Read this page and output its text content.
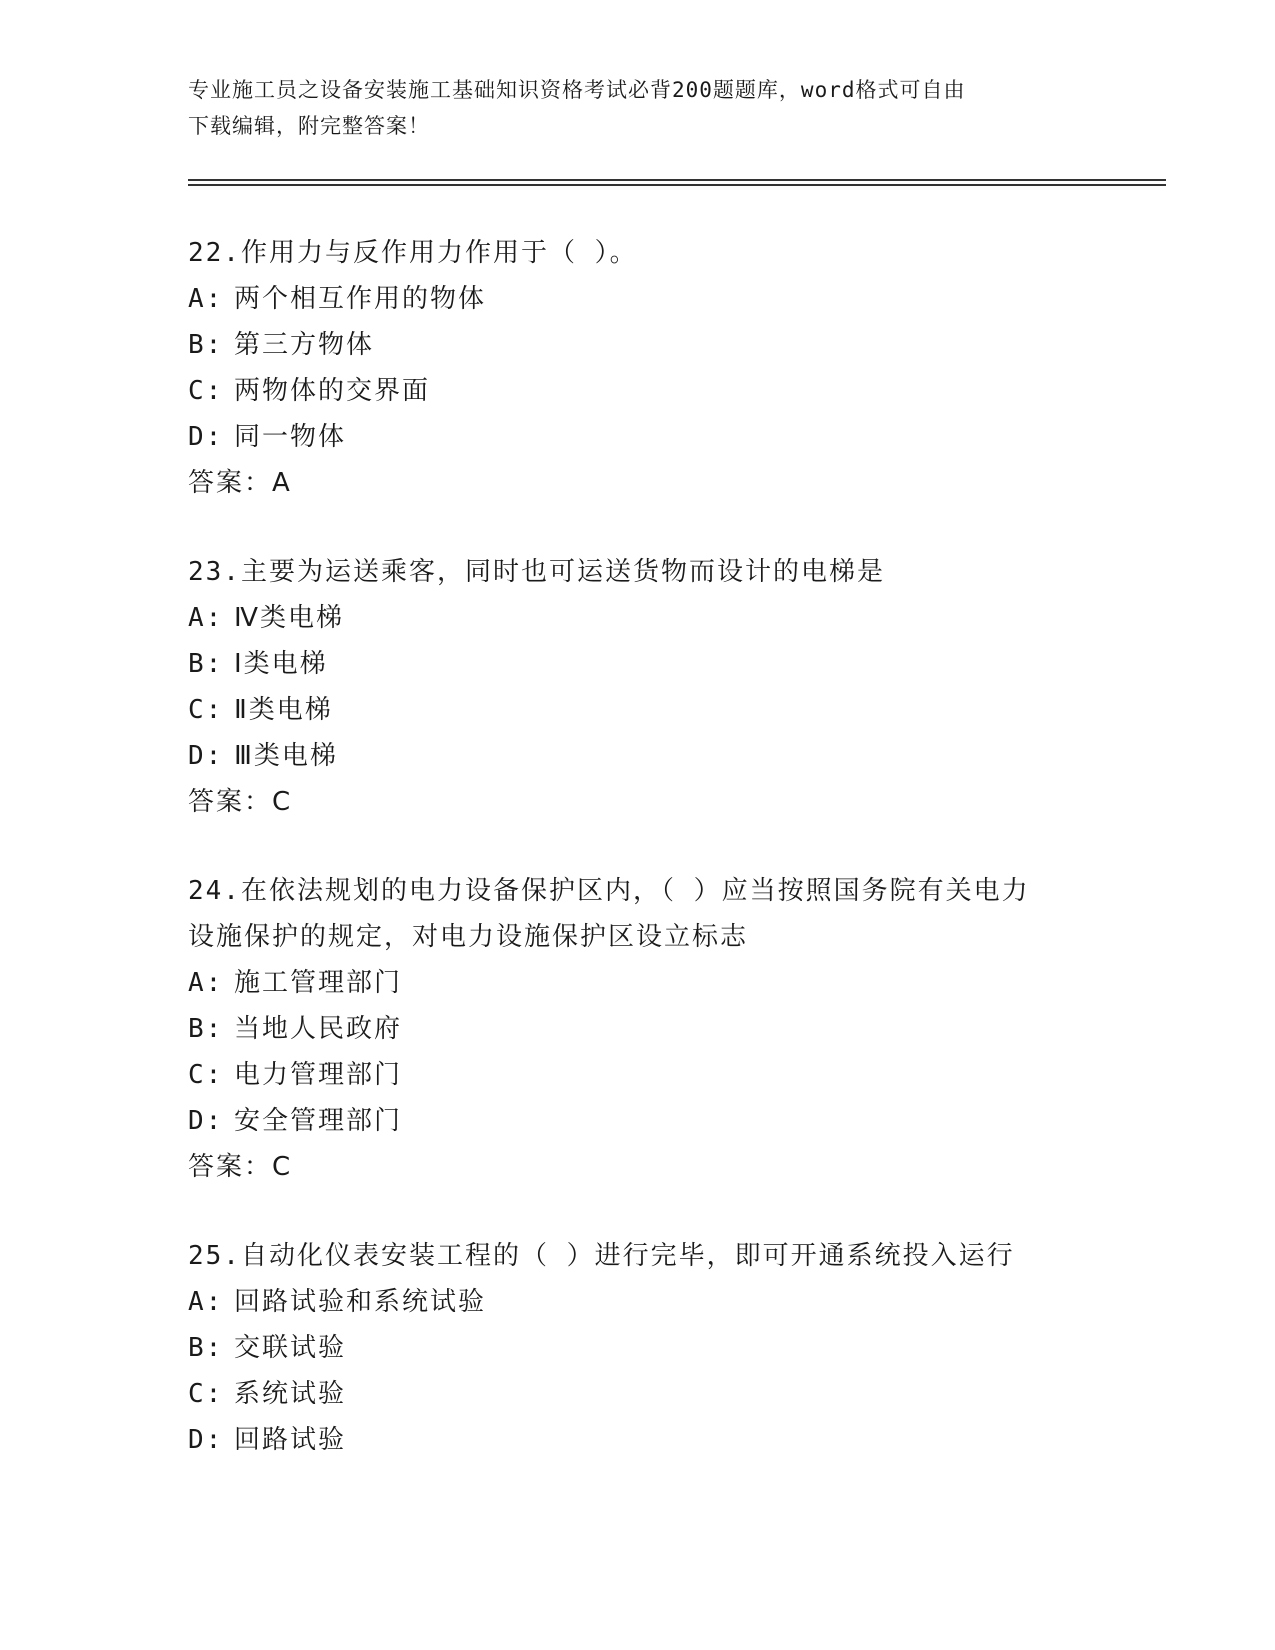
专业施工员之设备安装施工基础知识资格考试必背200题题库，word格式可自由
下载编辑，附完整答案！
22.作用力与反作用力作用于（ ）。
A: 两个相互作用的物体
B: 第三方物体
C: 两物体的交界面
D: 同一物体
答案：A
23.主要为运送乘客，同时也可运送货物而设计的电梯是
A: Ⅳ类电梯
B: Ⅰ类电梯
C: Ⅱ类电梯
D: Ⅲ类电梯
答案：C
24.在依法规划的电力设备保护区内，（ ）应当按照国务院有关电力
设施保护的规定，对电力设施保护区设立标志
A: 施工管理部门
B: 当地人民政府
C: 电力管理部门
D: 安全管理部门
答案：C
25.自动化仪表安装工程的（ ）进行完毕，即可开通系统投入运行
A: 回路试验和系统试验
B: 交联试验
C: 系统试验
D: 回路试验
